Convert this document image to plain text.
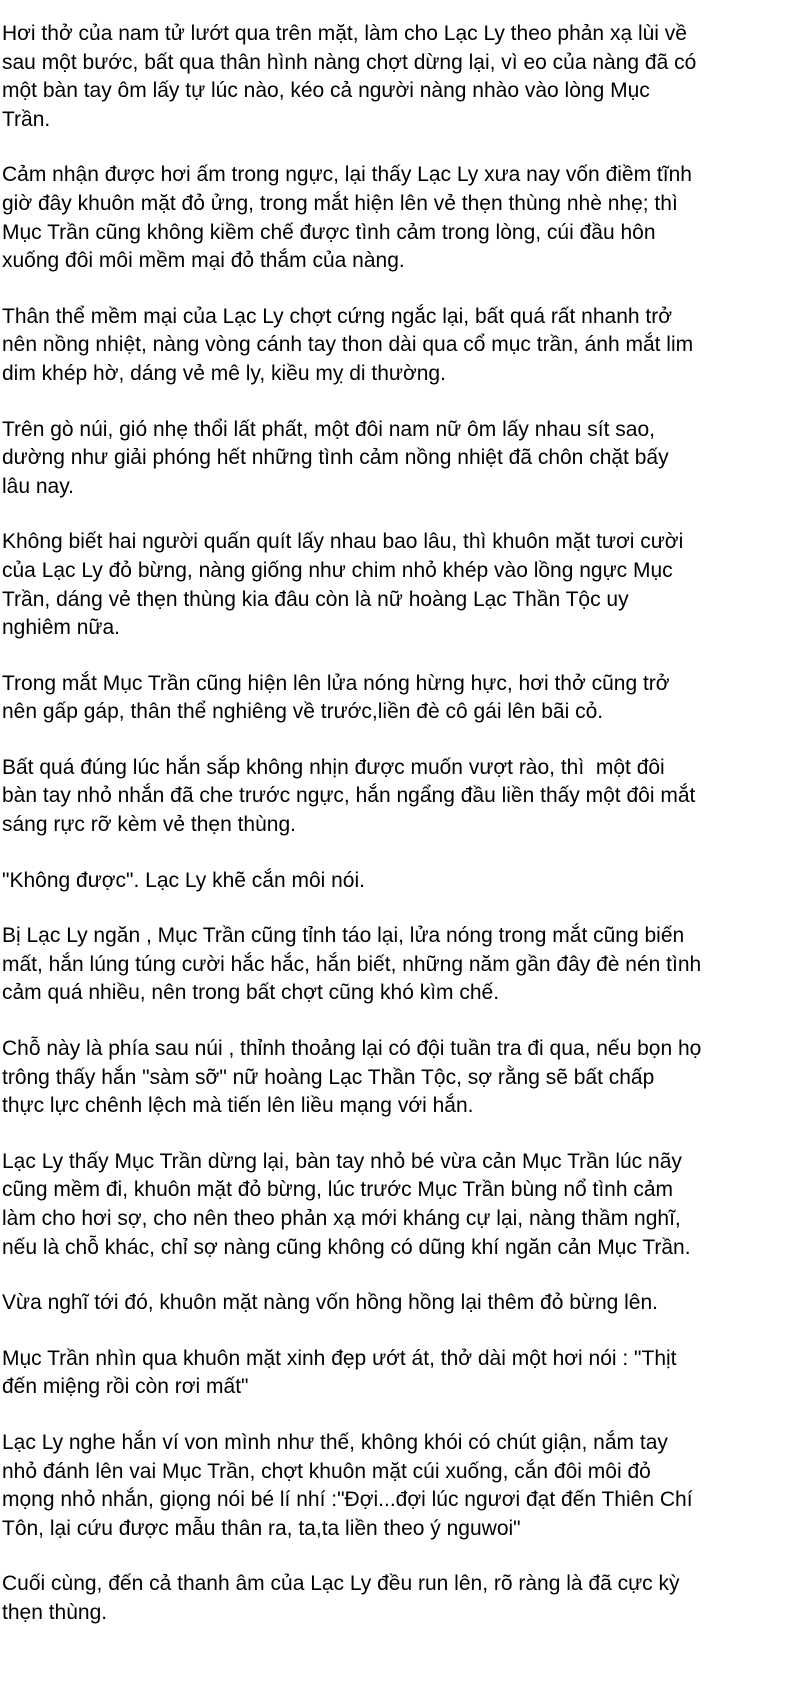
Hơi thở của nam tử lướt qua trên mặt, làm cho Lạc Ly theo phản xạ lùi về
sau một bước, bất qua thân hình nàng chợt dừng lại, vì eo của nàng đã có
một bàn tay ôm lấy tự lúc nào, kéo cả người nàng nhào vào lòng Mục
Trần.

Cảm nhận được hơi ấm trong ngực, lại thấy Lạc Ly xưa nay vốn điềm tĩnh
giờ đây khuôn mặt đỏ ửng, trong mắt hiện lên vẻ thẹn thùng nhè nhẹ; thì
Mục Trần cũng không kiềm chế được tình cảm trong lòng, cúi đầu hôn
xuống đôi môi mềm mại đỏ thắm của nàng.

Thân thể mềm mại của Lạc Ly chợt cứng ngắc lại, bất quá rất nhanh trở
nên nồng nhiệt, nàng vòng cánh tay thon dài qua cổ mục trần, ánh mắt lim
dim khép hờ, dáng vẻ mê ly, kiều mỵ di thường.

Trên gò núi, gió nhẹ thổi lất phất, một đôi nam nữ ôm lấy nhau sít sao,
dường như giải phóng hết những tình cảm nồng nhiệt đã chôn chặt bấy
lâu nay.

Không biết hai người quấn quít lấy nhau bao lâu, thì khuôn mặt tươi cười
của Lạc Ly đỏ bừng, nàng giống như chim nhỏ khép vào lồng ngực Mục
Trần, dáng vẻ thẹn thùng kia đâu còn là nữ hoàng Lạc Thần Tộc uy
nghiêm nữa.

Trong mắt Mục Trần cũng hiện lên lửa nóng hừng hực, hơi thở cũng trở
nên gấp gáp, thân thể nghiêng về trước,liền đè cô gái lên bãi cỏ.

Bất quá đúng lúc hắn sắp không nhịn được muốn vượt rào, thì  một đôi
bàn tay nhỏ nhắn đã che trước ngực, hắn ngẩng đầu liền thấy một đôi mắt
sáng rực rỡ kèm vẻ thẹn thùng.

"Không được". Lạc Ly khẽ cắn môi nói.

Bị Lạc Ly ngăn , Mục Trần cũng tỉnh táo lại, lửa nóng trong mắt cũng biến
mất, hắn lúng túng cười hắc hắc, hắn biết, những năm gần đây đè nén tình
cảm quá nhiều, nên trong bất chợt cũng khó kìm chế.

Chỗ này là phía sau núi , thỉnh thoảng lại có đội tuần tra đi qua, nếu bọn họ
trông thấy hắn "sàm sỡ" nữ hoàng Lạc Thần Tộc, sợ rằng sẽ bất chấp
thực lực chênh lệch mà tiến lên liều mạng với hắn.

Lạc Ly thấy Mục Trần dừng lại, bàn tay nhỏ bé vừa cản Mục Trần lúc nãy
cũng mềm đi, khuôn mặt đỏ bừng, lúc trước Mục Trần bùng nổ tình cảm
làm cho hơi sợ, cho nên theo phản xạ mới kháng cự lại, nàng thầm nghĩ,
nếu là chỗ khác, chỉ sợ nàng cũng không có dũng khí ngăn cản Mục Trần.

Vừa nghĩ tới đó, khuôn mặt nàng vốn hồng hồng lại thêm đỏ bừng lên.

Mục Trần nhìn qua khuôn mặt xinh đẹp ướt át, thở dài một hơi nói : "Thịt
đến miệng rồi còn rơi mất"

Lạc Ly nghe hắn ví von mình như thế, không khói có chút giận, nắm tay
nhỏ đánh lên vai Mục Trần, chợt khuôn mặt cúi xuống, cắn đôi môi đỏ
mọng nhỏ nhắn, giọng nói bé lí nhí :"Đợi...đợi lúc ngươi đạt đến Thiên Chí
Tôn, lại cứu được mẫu thân ra, ta,ta liền theo ý nguwoi"

Cuối cùng, đến cả thanh âm của Lạc Ly đều run lên, rõ ràng là đã cực kỳ
thẹn thùng.
